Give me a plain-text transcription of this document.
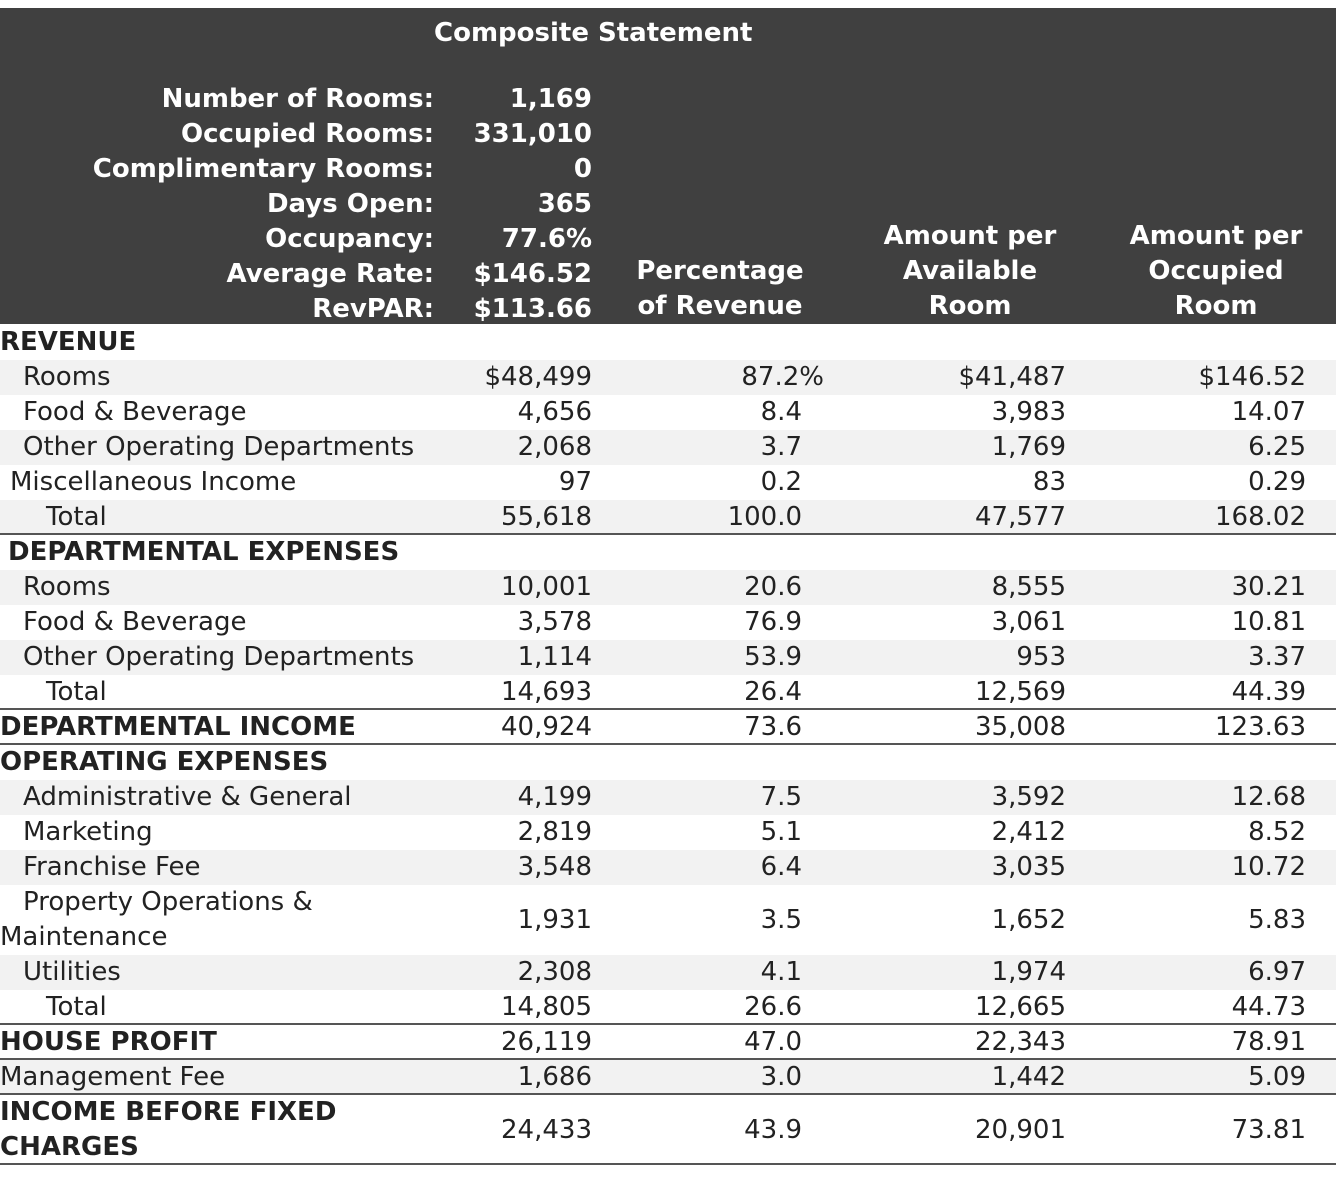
Composite Statement
Number of Rooms:	1,169
Occupied Rooms: 331,010
Complimentary Rooms:	0
Days Open:	365
Occupancy:	77.6%
Average Rate: $146.52
RevPAR: $113.66
Percentage
of Revenue
Amount per
Available
Room
Amount per
Occupied
Room
REVENUE
Rooms	$48,499	87.2%	$41,487	$146.52
Food & Beverage	4,656	8.4	3,983	14.07
Other Operating Departments	2,068	3.7	1,769	6.25
Miscellaneous Income	97	0.2	83	0.29
Total	55,618	100.0	47,577	168.02
DEPARTMENTAL EXPENSES
Rooms	10,001	20.6	8,555	30.21
Food & Beverage	3,578	76.9	3,061	10.81
Other Operating Departments	1,114	53.9	953	3.37
Total	14,693	26.4	12,569	44.39
DEPARTMENTAL INCOME	40,924	73.6	35,008	123.63
OPERATING EXPENSES
Administrative & General	4,199	7.5	3,592	12.68
Marketing	2,819	5.1	2,412	8.52
Franchise Fee	3,548	6.4	3,035	10.72
Property Operations &
Maintenance
1,931	3.5	1,652	5.83
Utilities	2,308	4.1	1,974	6.97
Total	14,805	26.6	12,665	44.73
HOUSE PROFIT	26,119	47.0	22,343	78.91
Management Fee	1,686	3.0	1,442	5.09
INCOME BEFORE FIXED
CHARGES
24,433	43.9	20,901	73.81
